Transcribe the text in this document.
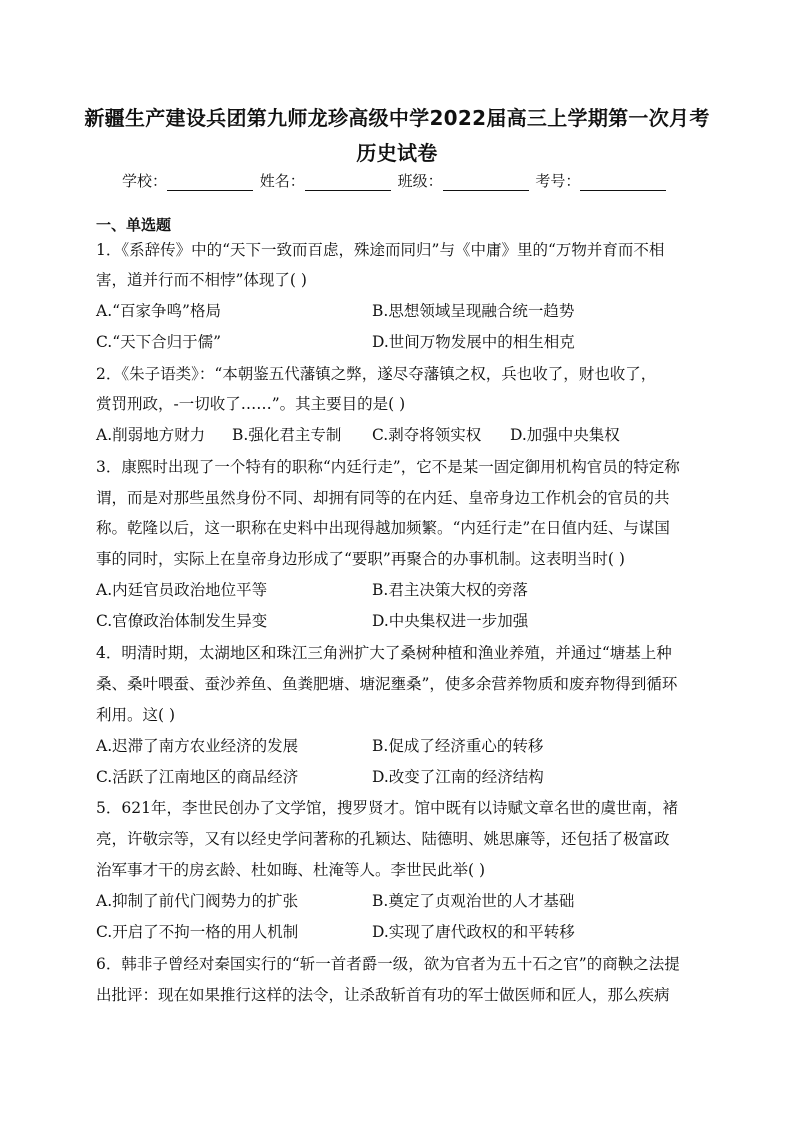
新疆生产建设兵团第九师龙珍高级中学2022届高三上学期第一次月考
历史试卷
学校：	姓名：	班级：	考号：
一、单选题
1．《系辞传》中的“天下一致而百虑，殊途而同归”与《中庸》里的“万物并育而不相
害，道并行而不相悖”体现了( )
A.“百家争鸣”格局	B.思想领域呈现融合统一趋势
C.“天下合归于儒”	D.世间万物发展中的相生相克
2．《朱子语类》：“本朝鉴五代藩镇之弊，遂尽夺藩镇之权，兵也收了，财也收了，
赏罚刑政，-一切收了……”。其主要目的是( )
A.削弱地方财力 B.强化君主专制 C.剥夺将领实权 D.加强中央集权
3．康熙时出现了一个特有的职称“内廷行走”，它不是某一固定御用机构官员的特定称
谓，而是对那些虽然身份不同、却拥有同等的在内廷、皇帝身边工作机会的官员的共
称。乾隆以后，这一职称在史料中出现得越加频繁。“内廷行走”在日值内廷、与谋国
事的同时，实际上在皇帝身边形成了“要职”再聚合的办事机制。这表明当时( )
A.内廷官员政治地位平等	B.君主决策大权的旁落
C.官僚政治体制发生异变	D.中央集权进一步加强
4．明清时期，太湖地区和珠江三角洲扩大了桑树种植和渔业养殖，并通过“塘基上种
桑、桑叶喂蚕、蚕沙养鱼、鱼粪肥塘、塘泥壅桑”，使多余营养物质和废弃物得到循环
利用。这( )
A.迟滞了南方农业经济的发展	B.促成了经济重心的转移
C.活跃了江南地区的商品经济	D.改变了江南的经济结构
5．621年，李世民创办了文学馆，搜罗贤才。馆中既有以诗赋文章名世的虞世南，褚
亮，许敬宗等，又有以经史学问著称的孔颖达、陆德明、姚思廉等，还包括了极富政
治军事才干的房玄龄、杜如晦、杜淹等人。李世民此举( )
A.抑制了前代门阀势力的扩张	B.奠定了贞观治世的人才基础
C.开启了不拘一格的用人机制	D.实现了唐代政权的和平转移
6．韩非子曾经对秦国实行的“斩一首者爵一级，欲为官者为五十石之官”的商鞅之法提
出批评：现在如果推行这样的法令，让杀敌斩首有功的军士做医师和匠人，那么疾病
